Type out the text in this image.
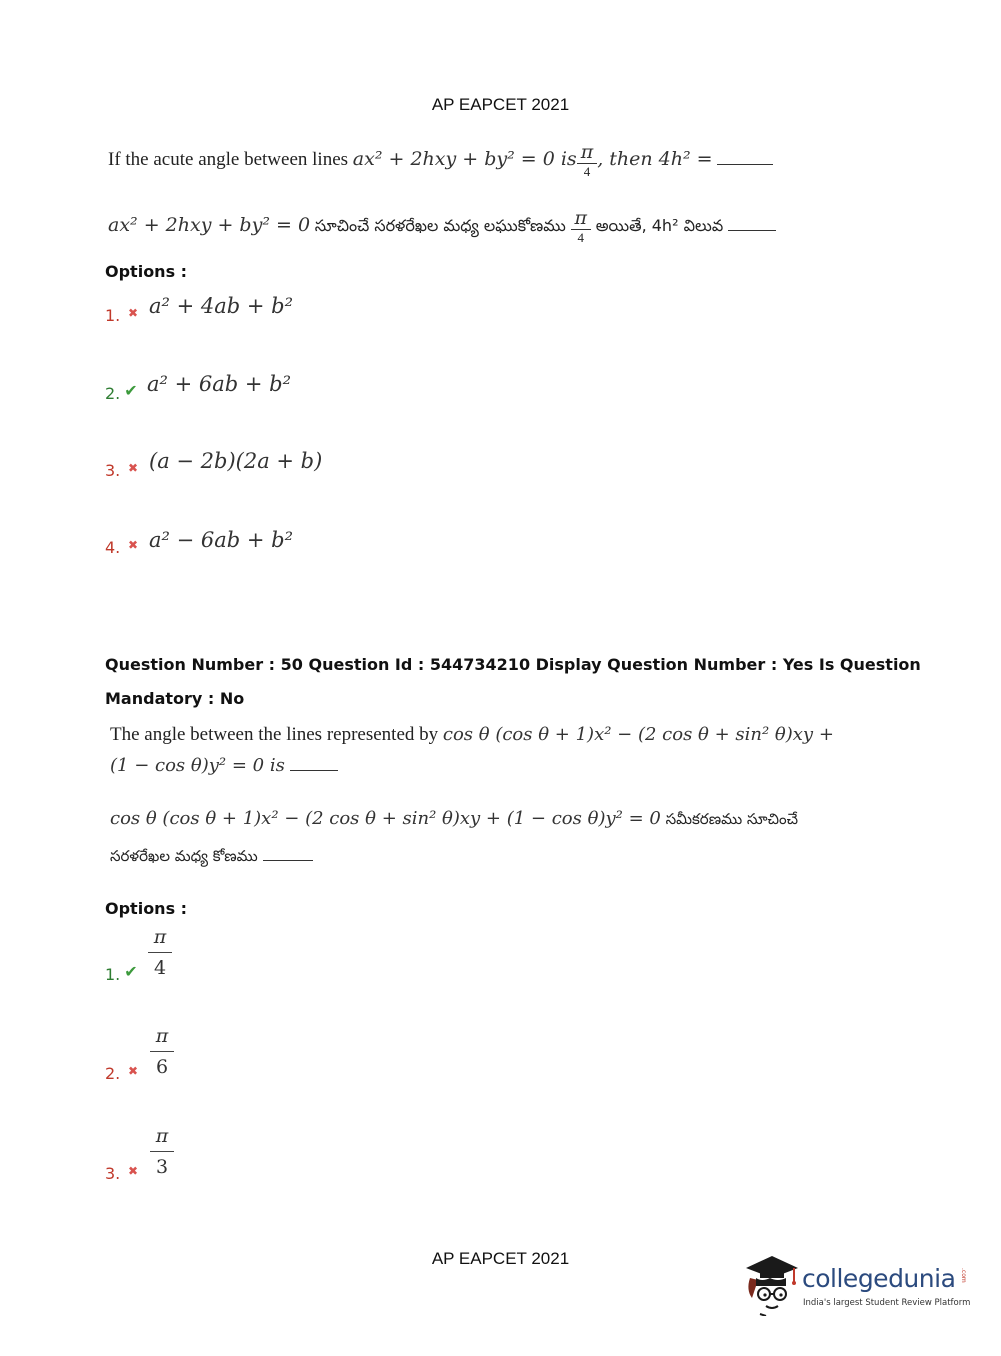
AP EAPCET 2021
If the acute angle between lines ax² + 2hxy + by² = 0 is $\frac{\pi}{4}$ , then 4h² =
ax² + 2hxy + by² = 0 సూచించే సరళరేఖల మధ్య లఘుకోణము $\frac{\pi}{4}$ అయితే, 4h² విలువ
Options :
1. ✖ a² + 4ab + b²
2. ✔ a² + 6ab + b²
3. ✖ (a − 2b)(2a + b)
4. ✖ a² − 6ab + b²
Question Number : 50 Question Id : 544734210 Display Question Number : Yes Is Question
Mandatory : No
The angle between the lines represented by cos θ (cos θ + 1)x² − (2 cos θ + sin² θ)xy +
(1 − cos θ)y² = 0 is
cos θ (cos θ + 1)x² − (2 cos θ + sin² θ)xy + (1 − cos θ)y² = 0 సమీకరణము సూచించే
సరళరేఖల మధ్య కోణము
Options :
1. ✔
π
4
2. ✖
π
6
3. ✖
π
3
AP EAPCET 2021
collegedunia .com
India's largest Student Review Platform
